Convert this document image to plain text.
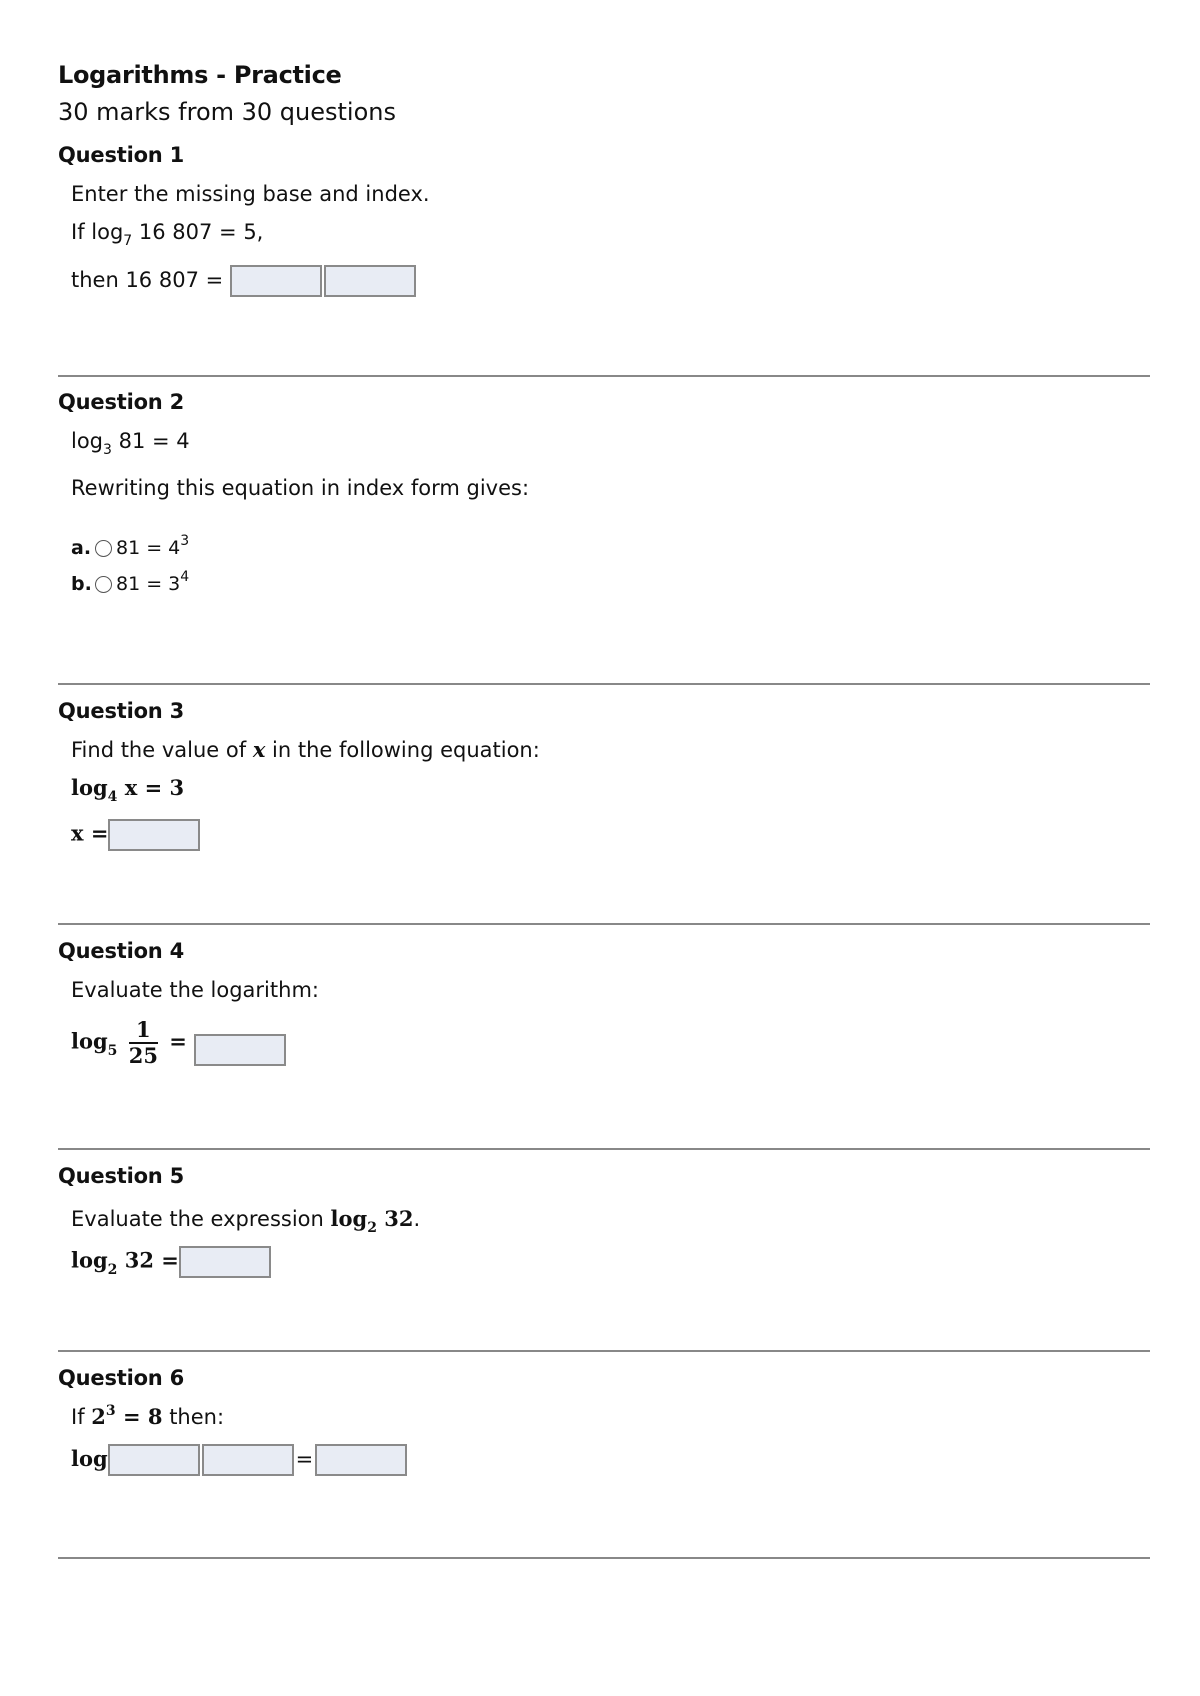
Logarithms - Practice
30 marks from 30 questions
Question 1
Enter the missing base and index.
If $\log_7 16$ 807 = 5,
then 16 807 =
Question 2
$\log_3 81 = 4$
Rewriting this equation in index form gives:
a. $81 = 4^3$
b. $81 = 3^4$
Question 3
Find the value of x in the following equation:
$\log_4 x = 3$
x =
Question 4
Evaluate the logarithm:
$\log_5 \frac{1}{25}$ =
Question 5
Evaluate the expression $\log_2 32$.
$\log_2 32$ =
Question 6
If $2^3 = 8$ then:
log	=
